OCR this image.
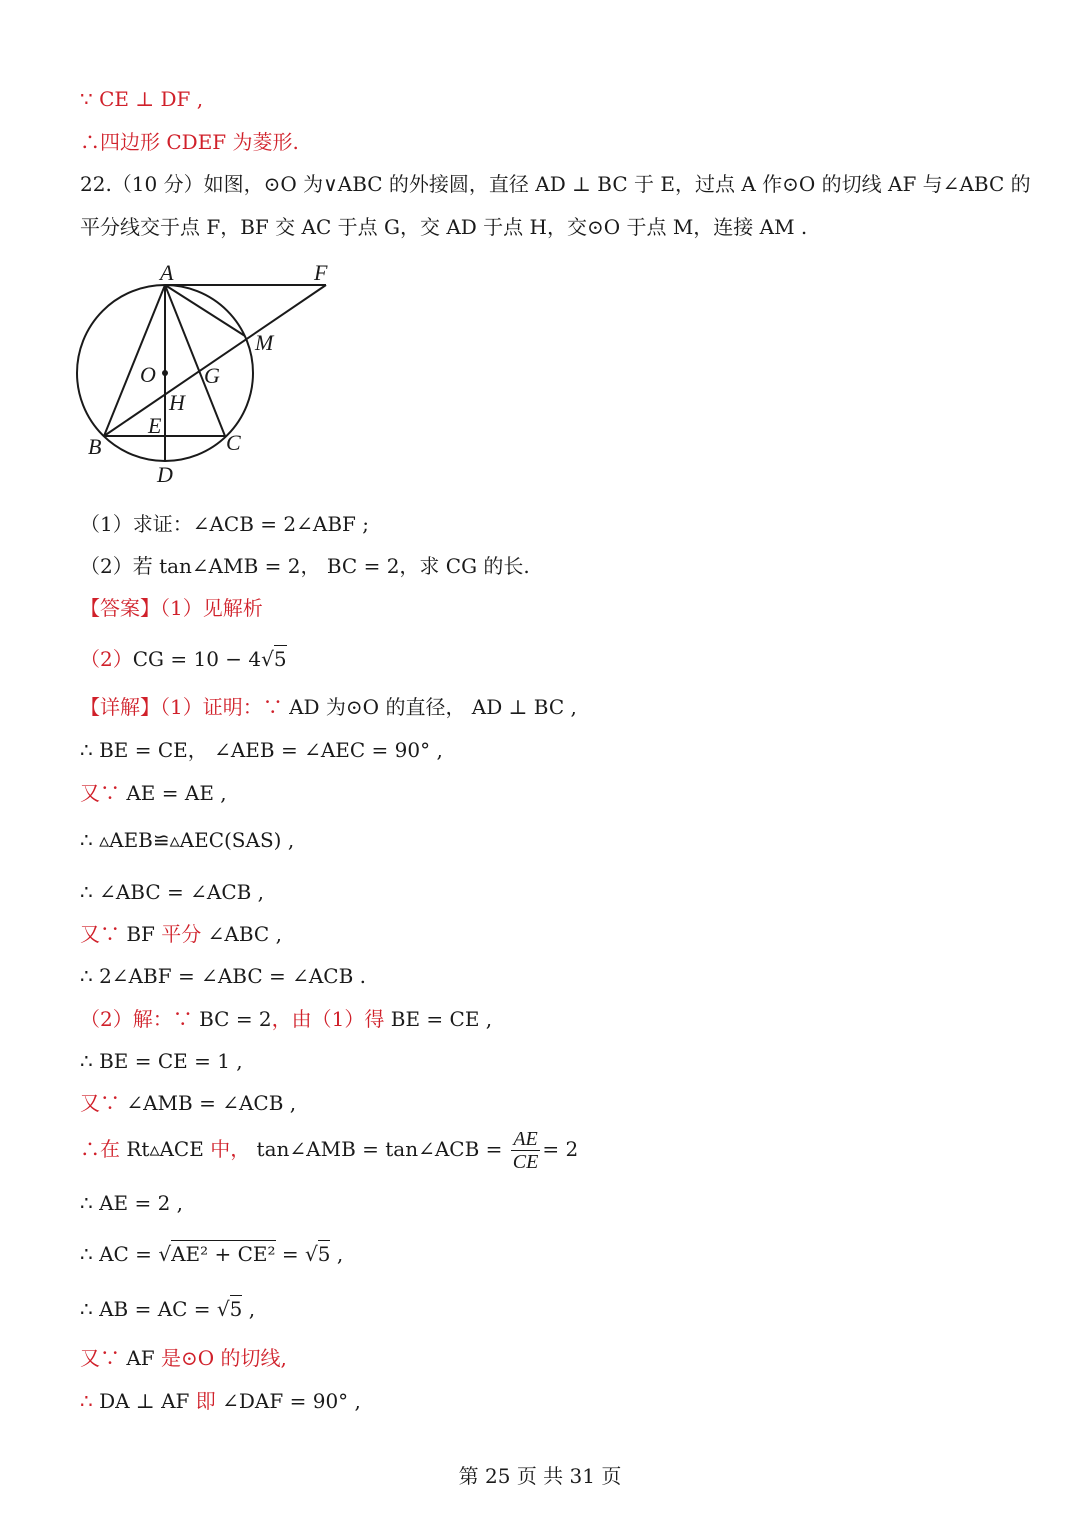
∵ CE ⊥ DF ,
∴四边形 CDEF 为菱形.
22.（10 分）如图，⊙O 为∨ABC 的外接圆，直径 AD ⊥ BC 于 E，过点 A 作⊙O 的切线 AF 与∠ABC 的
平分线交于点 F，BF 交 AC 于点 G，交 AD 于点 H，交⊙O 于点 M，连接 AM .
A	F
M
O G
H
E
B	C
D
（1）求证：∠ACB = 2∠ABF ;
（2）若 tan∠AMB = 2， BC = 2，求 CG 的长.
【答案】（1）见解析
（2）CG = 10 − 4√5
【详解】（1）证明：∵ AD 为⊙O 的直径， AD ⊥ BC ,
∴ BE = CE， ∠AEB = ∠AEC = 90° ,
又∵ AE = AE ,
∴ ▵AEB≌▵AEC(SAS) ,
∴ ∠ABC = ∠ACB ,
又∵ BF 平分 ∠ABC ,
∴ 2∠ABF = ∠ABC = ∠ACB .
（2）解：∵ BC = 2，由（1）得 BE = CE ,
∴ BE = CE = 1 ,
又∵ ∠AMB = ∠ACB ,
∴在 Rt▵ACE 中， tan∠AMB = tan∠ACB = $\frac{AE}{CE} = 2$
∴ AE = 2 ,
∴ AC = √AE² + CE² = √5 ,
∴ AB = AC = √5 ,
又∵ AF 是⊙O 的切线,
∴ DA ⊥ AF 即 ∠DAF = 90° ,
第 25 页 共 31 页
